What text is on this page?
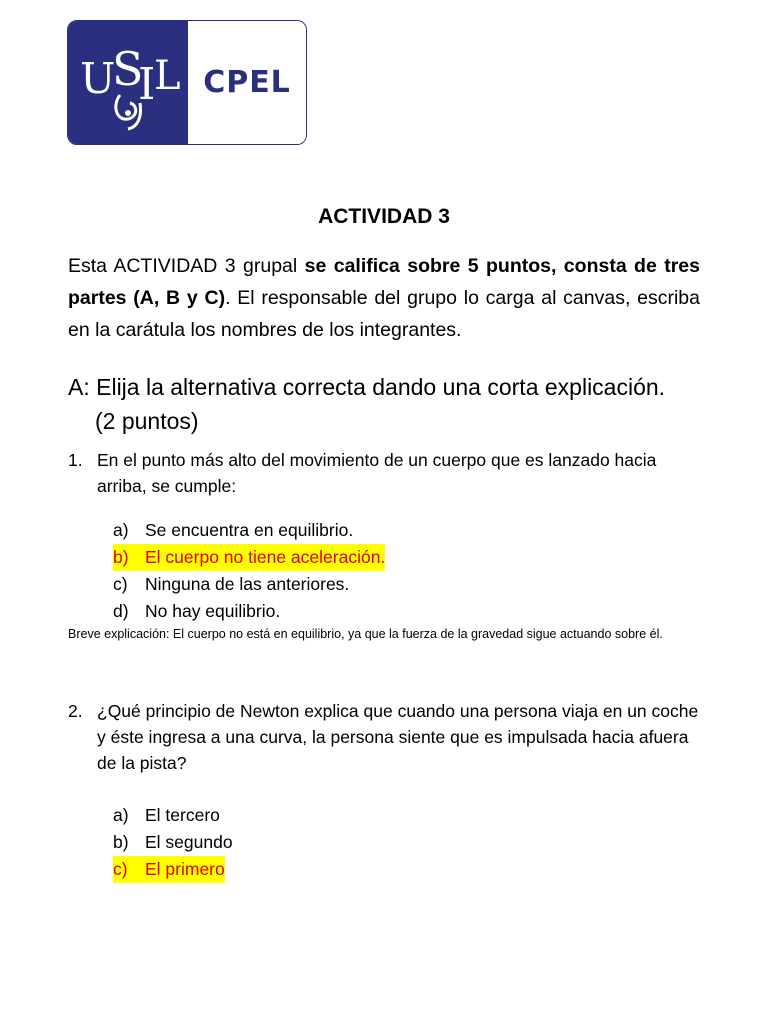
U
S
I
L CPEL
ACTIVIDAD 3
Esta ACTIVIDAD 3 grupal se califica sobre 5 puntos, consta de tres partes (A, B y C). El responsable del grupo lo carga al canvas, escriba en la carátula los nombres de los integrantes.
A: Elija la alternativa correcta dando una corta explicación.
(2 puntos)
1. En el punto más alto del movimiento de un cuerpo que es lanzado hacia arriba, se cumple:
a) Se encuentra en equilibrio.
b) El cuerpo no tiene aceleración.
c) Ninguna de las anteriores.
d) No hay equilibrio.
Breve explicación: El cuerpo no está en equilibrio, ya que la fuerza de la gravedad sigue actuando sobre él.
2. ¿Qué principio de Newton explica que cuando una persona viaja en un coche y éste ingresa a una curva, la persona siente que es impulsada hacia afuera de la pista?
a) El tercero
b) El segundo
c) El primero
